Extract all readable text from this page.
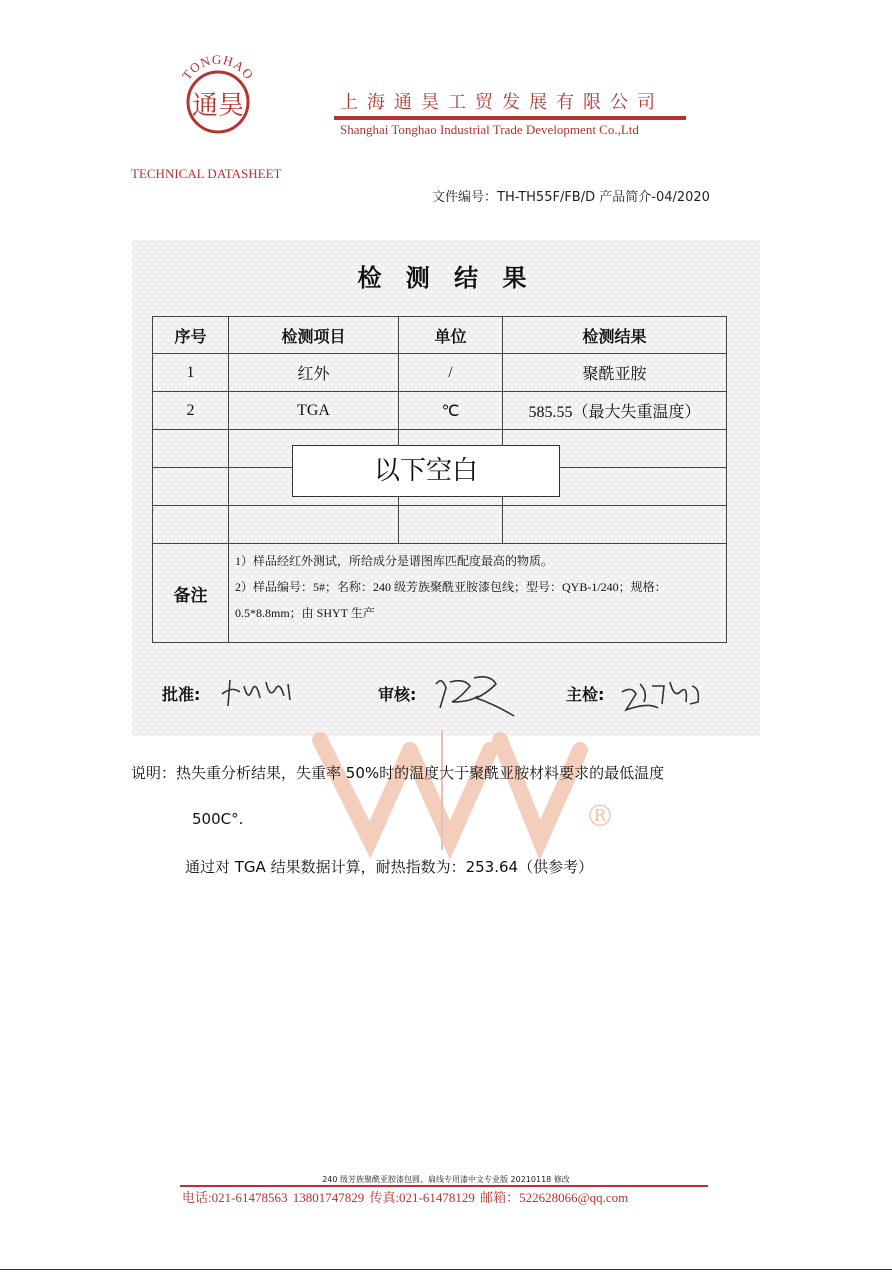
TONGHAO
通昊	上海通昊工贸发展有限公司
Shanghai Tonghao Industrial Trade Development Co.,Ltd
TECHNICAL DATASHEET
文件编号：TH-TH55F/FB/D 产品简介-04/2020
检 测 结 果
序号	检测项目	单位	检测结果
1	红外	/	聚酰亚胺
2	TGA	℃	585.55（最大失重温度）

备注	1）样品经红外测试，所给成分是谱图库匹配度最高的物质。
2）样品编号：5#；名称：240 级芳族聚酰亚胺漆包线；型号：QYB-1/240；规格：0.5*8.8mm；由 SHYT 生产		
以下空白
批准:	审核:	主检:
®
说明：热失重分析结果，失重率 50%时的温度大于聚酰亚胺材料要求的最低温度
500C°.
通过对 TGA 结果数据计算，耐热指数为：253.64（供参考）
240 级芳族聚酰亚胺漆包圆、扁线专用漆中文专业版 20210118 修改
电话:021-61478563 13801747829 传真:021-61478129 邮箱：522628066@qq.com
